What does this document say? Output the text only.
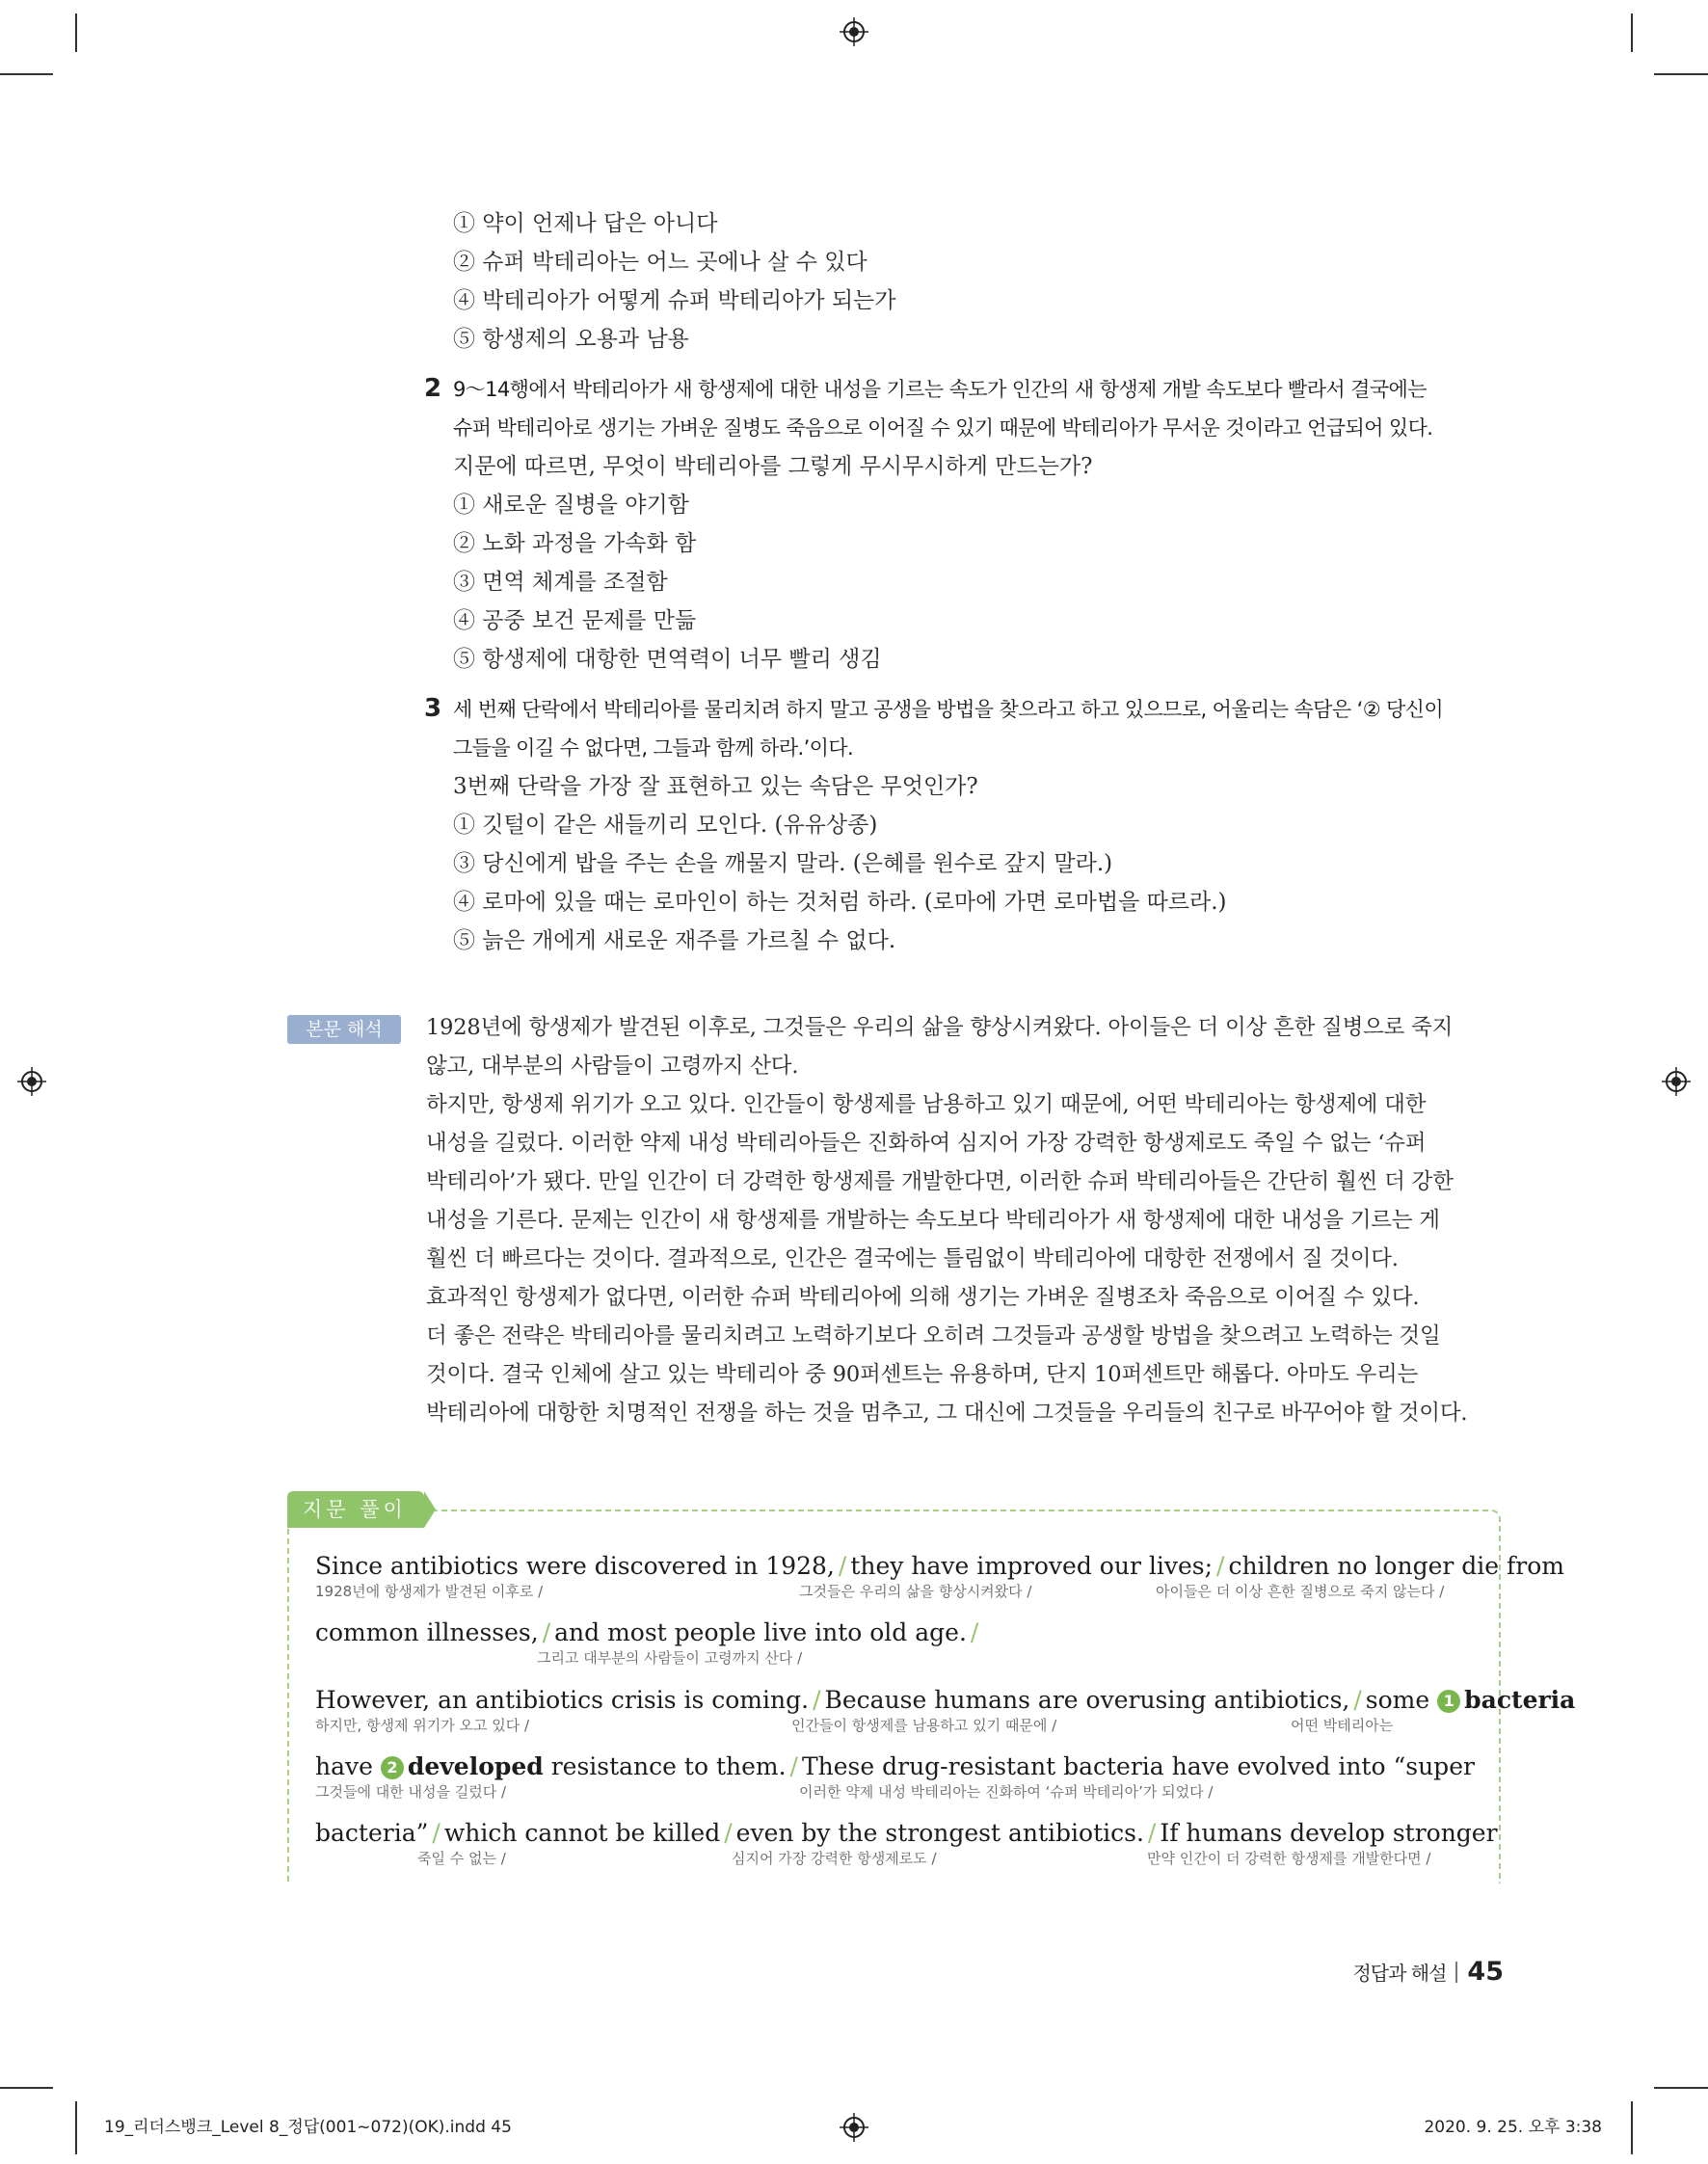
① 약이 언제나 답은 아니다
② 슈퍼 박테리아는 어느 곳에나 살 수 있다
④ 박테리아가 어떻게 슈퍼 박테리아가 되는가
⑤ 항생제의 오용과 남용
2 9～14행에서 박테리아가 새 항생제에 대한 내성을 기르는 속도가 인간의 새 항생제 개발 속도보다 빨라서 결국에는
슈퍼 박테리아로 생기는 가벼운 질병도 죽음으로 이어질 수 있기 때문에 박테리아가 무서운 것이라고 언급되어 있다.
지문에 따르면, 무엇이 박테리아를 그렇게 무시무시하게 만드는가?
① 새로운 질병을 야기함
② 노화 과정을 가속화 함
③ 면역 체계를 조절함
④ 공중 보건 문제를 만듦
⑤ 항생제에 대항한 면역력이 너무 빨리 생김
3 세 번째 단락에서 박테리아를 물리치려 하지 말고 공생을 방법을 찾으라고 하고 있으므로, 어울리는 속담은 ‘② 당신이
그들을 이길 수 없다면, 그들과 함께 하라.’이다.
3번째 단락을 가장 잘 표현하고 있는 속담은 무엇인가?
① 깃털이 같은 새들끼리 모인다. (유유상종)
③ 당신에게 밥을 주는 손을 깨물지 말라. (은혜를 원수로 갚지 말라.)
④ 로마에 있을 때는 로마인이 하는 것처럼 하라. (로마에 가면 로마법을 따르라.)
⑤ 늙은 개에게 새로운 재주를 가르칠 수 없다.
본문 해석	1928년에 항생제가 발견된 이후로, 그것들은 우리의 삶을 향상시켜왔다. 아이들은 더 이상 흔한 질병으로 죽지

않고, 대부분의 사람들이 고령까지 산다.

하지만, 항생제 위기가 오고 있다. 인간들이 항생제를 남용하고 있기 때문에, 어떤 박테리아는 항생제에 대한

내성을 길렀다. 이러한 약제 내성 박테리아들은 진화하여 심지어 가장 강력한 항생제로도 죽일 수 없는 ‘슈퍼

박테리아’가 됐다. 만일 인간이 더 강력한 항생제를 개발한다면, 이러한 슈퍼 박테리아들은 간단히 훨씬 더 강한

내성을 기른다. 문제는 인간이 새 항생제를 개발하는 속도보다 박테리아가 새 항생제에 대한 내성을 기르는 게

훨씬 더 빠르다는 것이다. 결과적으로, 인간은 결국에는 틀림없이 박테리아에 대항한 전쟁에서 질 것이다.

효과적인 항생제가 없다면, 이러한 슈퍼 박테리아에 의해 생기는 가벼운 질병조차 죽음으로 이어질 수 있다.

더 좋은 전략은 박테리아를 물리치려고 노력하기보다 오히려 그것들과 공생할 방법을 찾으려고 노력하는 것일

것이다. 결국 인체에 살고 있는 박테리아 중 90퍼센트는 유용하며, 단지 10퍼센트만 해롭다. 아마도 우리는

박테리아에 대항한 치명적인 전쟁을 하는 것을 멈추고, 그 대신에 그것들을 우리들의 친구로 바꾸어야 할 것이다.

지문 풀이
Since antibiotics were discovered in 1928, / they have improved our lives; / children no longer die from
1928년에 항생제가 발견된 이후로 /	그것들은 우리의 삶을 향상시켜왔다 /	아이들은 더 이상 흔한 질병으로 죽지 않는다 /
common illnesses, / and most people live into old age. /
그리고 대부분의 사람들이 고령까지 산다 /
However, an antibiotics crisis is coming. / Because humans are overusing antibiotics, / some 1 bacteria
하지만, 항생제 위기가 오고 있다 /	인간들이 항생제를 남용하고 있기 때문에 /	어떤 박테리아는
have 2 developed resistance to them. / These drug-resistant bacteria have evolved into “super
그것들에 대한 내성을 길렀다 /	이러한 약제 내성 박테리아는 진화하여 ‘슈퍼 박테리아’가 되었다 /
bacteria” / which cannot be killed / even by the strongest antibiotics. / If humans develop stronger
죽일 수 없는 /	심지어 가장 강력한 항생제로도 /	만약 인간이 더 강력한 항생제를 개발한다면 /
정답과 해설 45
19_리더스뱅크_Level 8_정답(001~072)(OK).indd 45	2020. 9. 25. 오후 3:38
